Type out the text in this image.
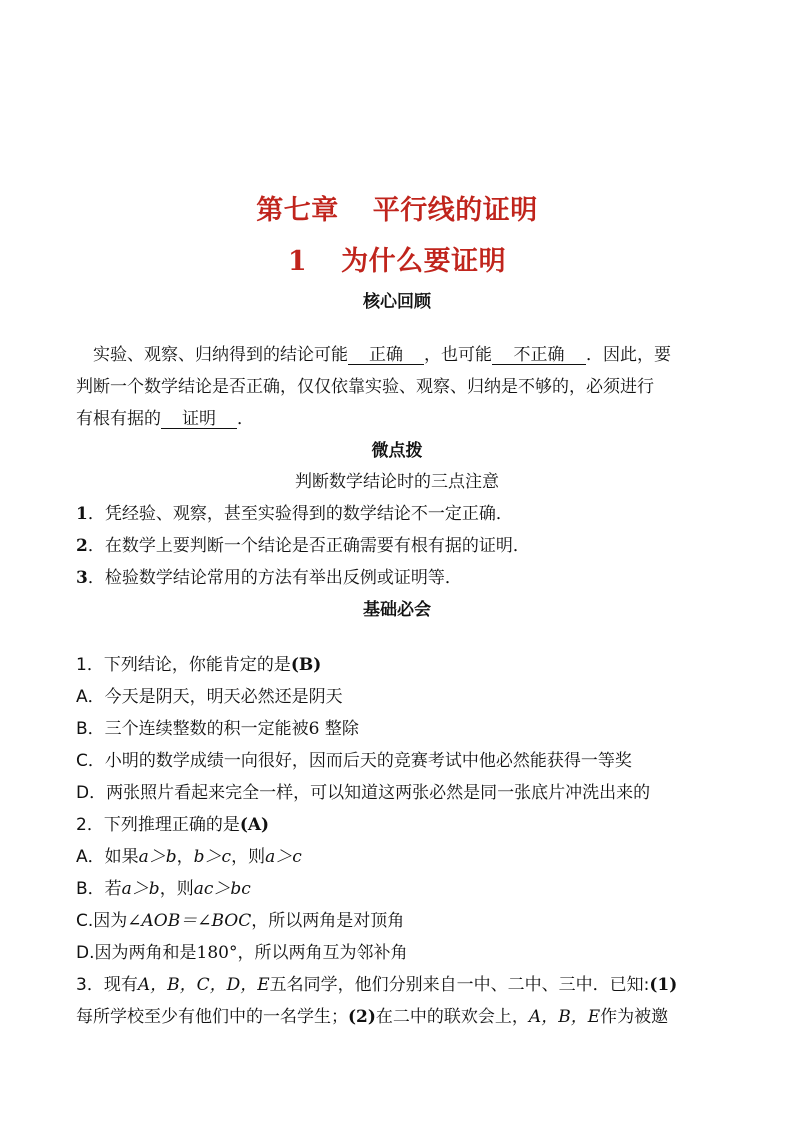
第七章 平行线的证明
1 为什么要证明
核心回顾
实验、观察、归纳得到的结论可能 正确 ，也可能 不正确 ．因此，要
判断一个数学结论是否正确，仅仅依靠实验、观察、归纳是不够的，必须进行
有根有据的 证明 ．
微点拨
判断数学结论时的三点注意
1．凭经验、观察，甚至实验得到的数学结论不一定正确．
2．在数学上要判断一个结论是否正确需要有根有据的证明．
3．检验数学结论常用的方法有举出反例或证明等．
基础必会
1．下列结论，你能肯定的是(B)
A．今天是阴天，明天必然还是阴天
B．三个连续整数的积一定能被6 整除
C．小明的数学成绩一向很好，因而后天的竞赛考试中他必然能获得一等奖
D．两张照片看起来完全一样，可以知道这两张必然是同一张底片冲洗出来的
2．下列推理正确的是(A)
A．如果a＞b，b＞c，则a＞c
B．若a＞b，则ac＞bc
C.因为∠AOB＝∠BOC，所以两角是对顶角
D.因为两角和是180°，所以两角互为邻补角
3．现有A，B，C，D，E五名同学，他们分别来自一中、二中、三中．已知:(1)
每所学校至少有他们中的一名学生；(2)在二中的联欢会上，A，B，E作为被邀
